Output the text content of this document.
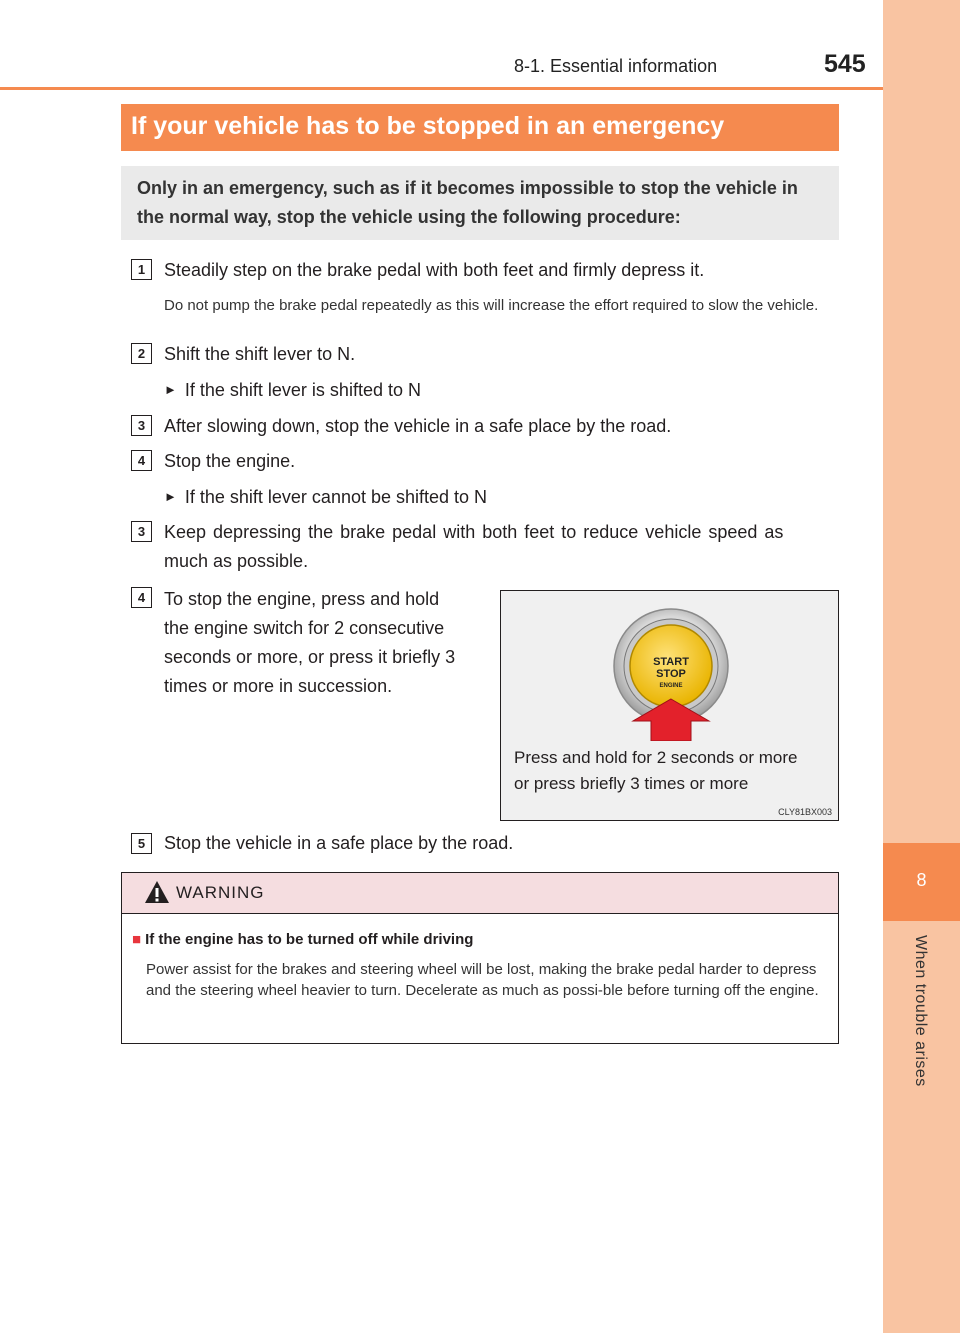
8
When trouble arises
8-1. Essential information	545
If your vehicle has to be stopped in an emergency
Only in an emergency, such as if it becomes impossible to stop the vehicle in the normal way, stop the vehicle using the following procedure:
1	Steadily step on the brake pedal with both feet and firmly depress it.
Do not pump the brake pedal repeatedly as this will increase the effort required to slow the vehicle.
2	Shift the shift lever to N.
► If the shift lever is shifted to N
3	After slowing down, stop the vehicle in a safe place by the road.
4	Stop the engine.
► If the shift lever cannot be shifted to N
3	Keep depressing the brake pedal with both feet to reduce vehicle speed as
much as possible.
4	To stop the engine, press and hold
the engine switch for 2 consecutive
seconds or more, or press it briefly 3
times or more in succession.
START
STOP
ENGINE
Press and hold for 2 seconds or more
or press briefly 3 times or more
CLY81BX003
5	Stop the vehicle in a safe place by the road.
WARNING
■ If the engine has to be turned off while driving
Power assist for the brakes and steering wheel will be lost, making the brake pedal harder to depress and the steering wheel heavier to turn. Decelerate as much as possi-ble before turning off the engine.
